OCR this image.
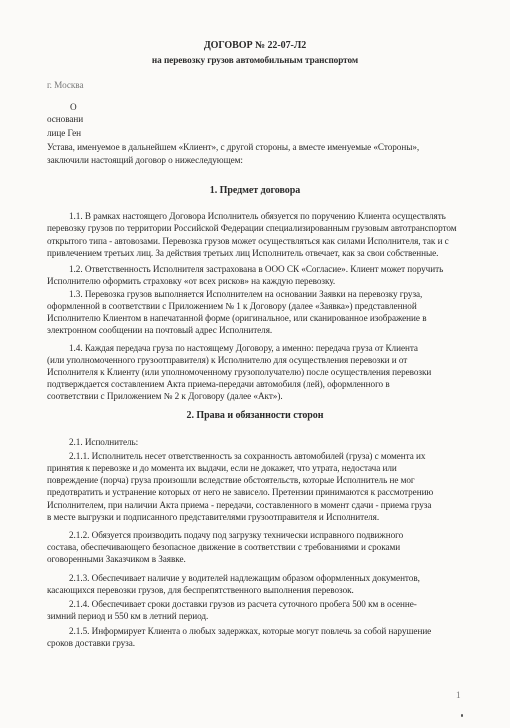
ДОГОВОР № 22-07-Л2
на перевозку грузов автомобильным транспортом
г. Москва
О
основани
лице Ген
Устава, именуемое в дальнейшем «Клиент», с другой стороны, а вместе именуемые «Стороны»,
заключили настоящий договор о нижеследующем:
1. Предмет договора
1.1. В рамках настоящего Договора Исполнитель обязуется по поручению Клиента осуществлять
перевозку грузов по территории Российской Федерации специализированным грузовым автотранспортом
открытого типа - автовозами. Перевозка грузов может осуществляться как силами Исполнителя, так и с
привлечением третьих лиц. За действия третьих лиц Исполнитель отвечает, как за свои собственные.
1.2. Ответственность Исполнителя застрахована в ООО СК «Согласие». Клиент может поручить
Исполнителю оформить страховку «от всех рисков» на каждую перевозку.
1.3. Перевозка грузов выполняется Исполнителем на основании Заявки на перевозку груза,
оформленной в соответствии с Приложением № 1 к Договору (далее «Заявка») представленной
Исполнителю Клиентом в напечатанной форме (оригинальное, или сканированное изображение в
электронном сообщении на почтовый адрес Исполнителя.
1.4. Каждая передача груза по настоящему Договору, а именно: передача груза от Клиента
(или уполномоченного грузоотправителя) к Исполнителю для осуществления перевозки и от
Исполнителя к Клиенту (или уполномоченному грузополучателю) после осуществления перевозки
подтверждается составлением Акта приема-передачи автомобиля (лей), оформленного в
соответствии с Приложением № 2 к Договору (далее «Акт»).
2. Права и обязанности сторон
2.1. Исполнитель:
2.1.1. Исполнитель несет ответственность за сохранность автомобилей (груза) с момента их
принятия к перевозке и до момента их выдачи, если не докажет, что утрата, недостача или
повреждение (порча) груза произошли вследствие обстоятельств, которые Исполнитель не мог
предотвратить и устранение которых от него не зависело. Претензии принимаются к рассмотрению
Исполнителем, при наличии Акта приема - передачи, составленного в момент сдачи - приема груза
в месте выгрузки и подписанного представителями грузоотправителя и Исполнителя.
2.1.2. Обязуется производить подачу под загрузку технически исправного подвижного
состава, обеспечивающего безопасное движение в соответствии с требованиями и сроками
оговоренными Заказчиком в Заявке.
2.1.3. Обеспечивает наличие у водителей надлежащим образом оформленных документов,
касающихся перевозки грузов, для беспрепятственного выполнения перевозок.
2.1.4. Обеспечивает сроки доставки грузов из расчета суточного пробега 500 км в осенне-
зимний период и 550 км в летний период.
2.1.5. Информирует Клиента о любых задержках, которые могут повлечь за собой нарушение
сроков доставки груза.
1
